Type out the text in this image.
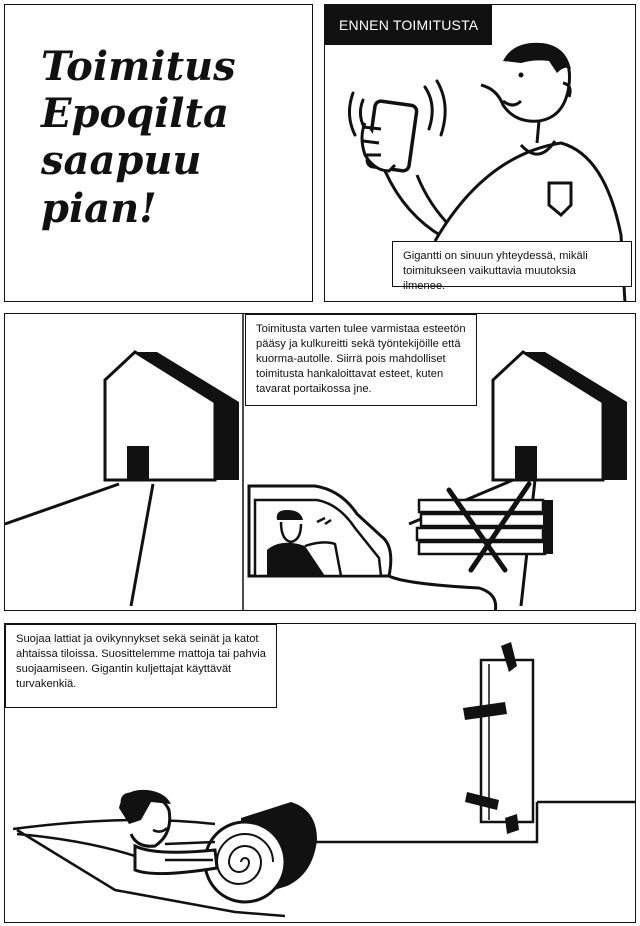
Toimitus
Epoqilta
saapuu
pian!
ENNEN TOIMITUSTA
Gigantti on sinuun yhteydessä, mikäli toimitukseen vaikuttavia muutoksia ilmenee.
Toimitusta varten tulee varmistaa esteetön pääsy ja kulkureitti sekä työntekijöille että kuorma-autolle. Siirrä pois mahdolliset toimitusta hankaloittavat esteet, kuten tavarat portaikossa jne.
Suojaa lattiat ja ovikynnykset sekä seinät ja katot ahtaissa tiloissa. Suosittelemme mattoja tai pahvia suojaamiseen. Gigantin kuljettajat käyttävät turvakenkiä.
